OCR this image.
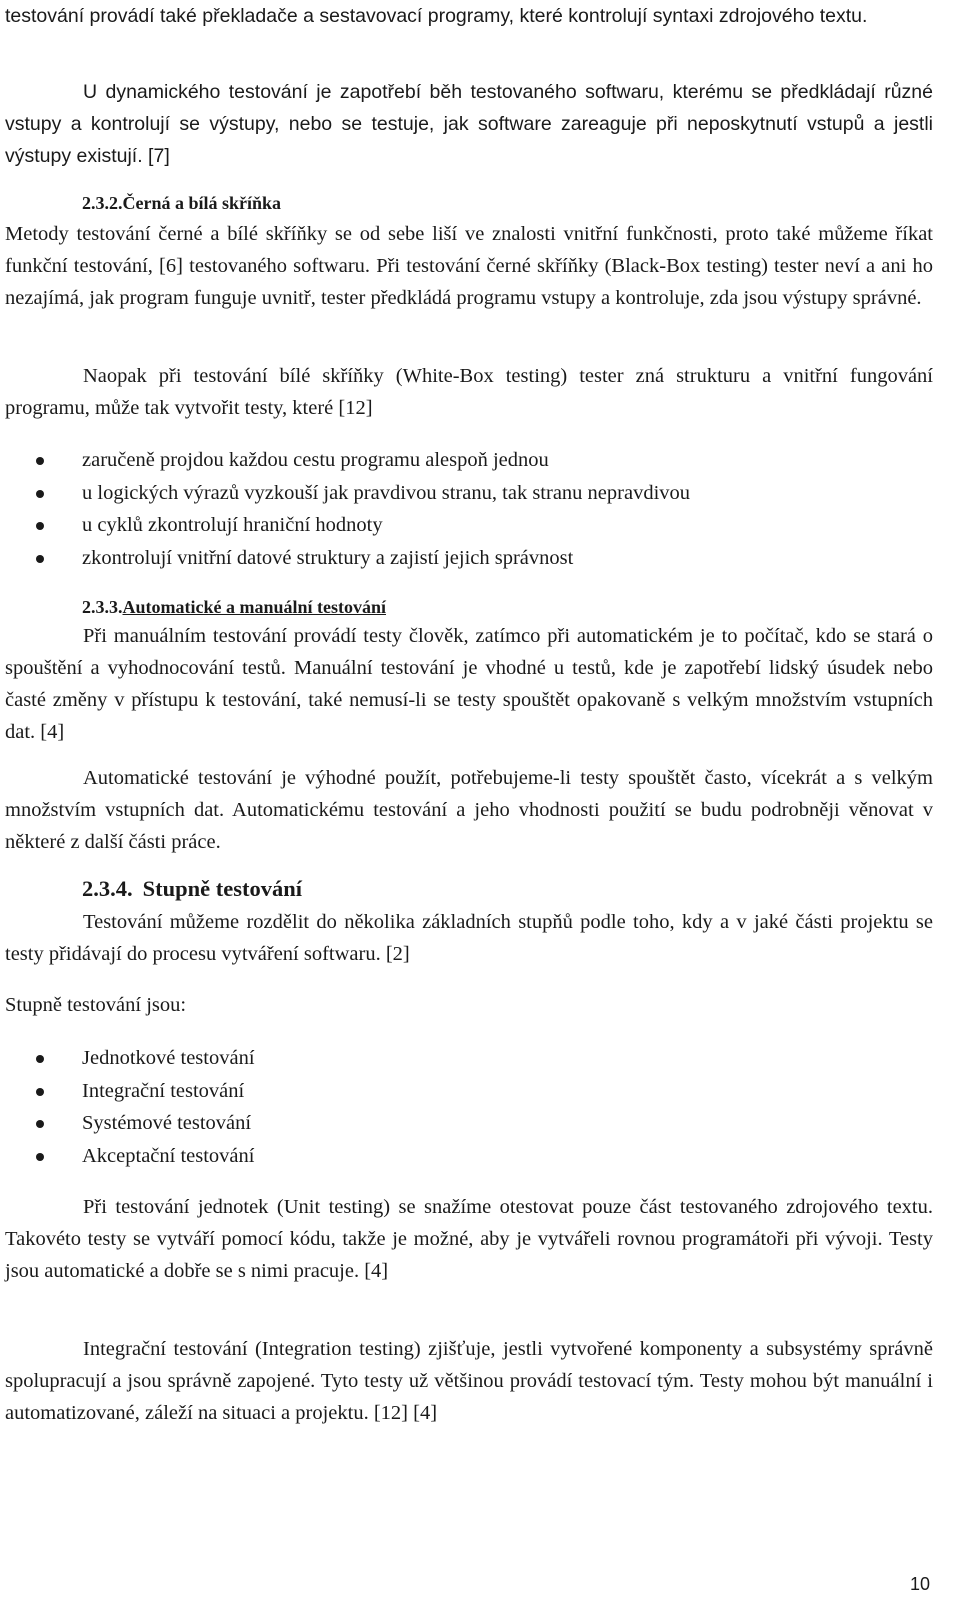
testování provádí také překladače a sestavovací programy, které kontrolují syntaxi zdrojového textu.

U dynamického testování je zapotřebí běh testovaného softwaru, kterému se předkládají různé vstupy a kontrolují se výstupy, nebo se testuje, jak software zareaguje při neposkytnutí vstupů a jestli výstupy existují. [7]

2.3.2.Černá a bílá skříňka

Metody testování černé a bílé skříňky se od sebe liší ve znalosti vnitřní funkčnosti, proto také můžeme říkat funkční testování, [6] testovaného softwaru. Při testování černé skříňky (Black-Box testing) tester neví a ani ho nezajímá, jak program funguje uvnitř, tester předkládá programu vstupy a kontroluje, zda jsou výstupy správné.

Naopak při testování bílé skříňky (White-Box testing) tester zná strukturu a vnitřní fungování programu, může tak vytvořit testy, které [12]

zaručeně projdou každou cestu programu alespoň jednou
u logických výrazů vyzkouší jak pravdivou stranu, tak stranu nepravdivou
u cyklů zkontrolují hraniční hodnoty
zkontrolují vnitřní datové struktury a zajistí jejich správnost
2.3.3.Automatické a manuální testování

Při manuálním testování provádí testy člověk, zatímco při automatickém je to počítač, kdo se stará o spouštění a vyhodnocování testů. Manuální testování je vhodné u testů, kde je zapotřebí lidský úsudek nebo časté změny v přístupu k testování, také nemusí-li se testy spouštět opakovaně s velkým množstvím vstupních dat. [4]

Automatické testování je výhodné použít, potřebujeme-li testy spouštět často, vícekrát a s velkým množstvím vstupních dat. Automatickému testování a jeho vhodnosti použití se budu podrobněji věnovat v některé z další části práce.

2.3.4. Stupně testování

Testování můžeme rozdělit do několika základních stupňů podle toho, kdy a v jaké části projektu se testy přidávají do procesu vytváření softwaru. [2]

Stupně testování jsou:

Jednotkové testování
Integrační testování
Systémové testování
Akceptační testování

Při testování jednotek (Unit testing) se snažíme otestovat pouze část testovaného zdrojového textu. Takovéto testy se vytváří pomocí kódu, takže je možné, aby je vytvářeli rovnou programátoři při vývoji. Testy jsou automatické a dobře se s nimi pracuje. [4]

Integrační testování (Integration testing) zjišťuje, jestli vytvořené komponenty a subsystémy správně spolupracují a jsou správně zapojené. Tyto testy už většinou provádí testovací tým. Testy mohou být manuální i automatizované, záleží na situaci a projektu. [12] [4]

10
